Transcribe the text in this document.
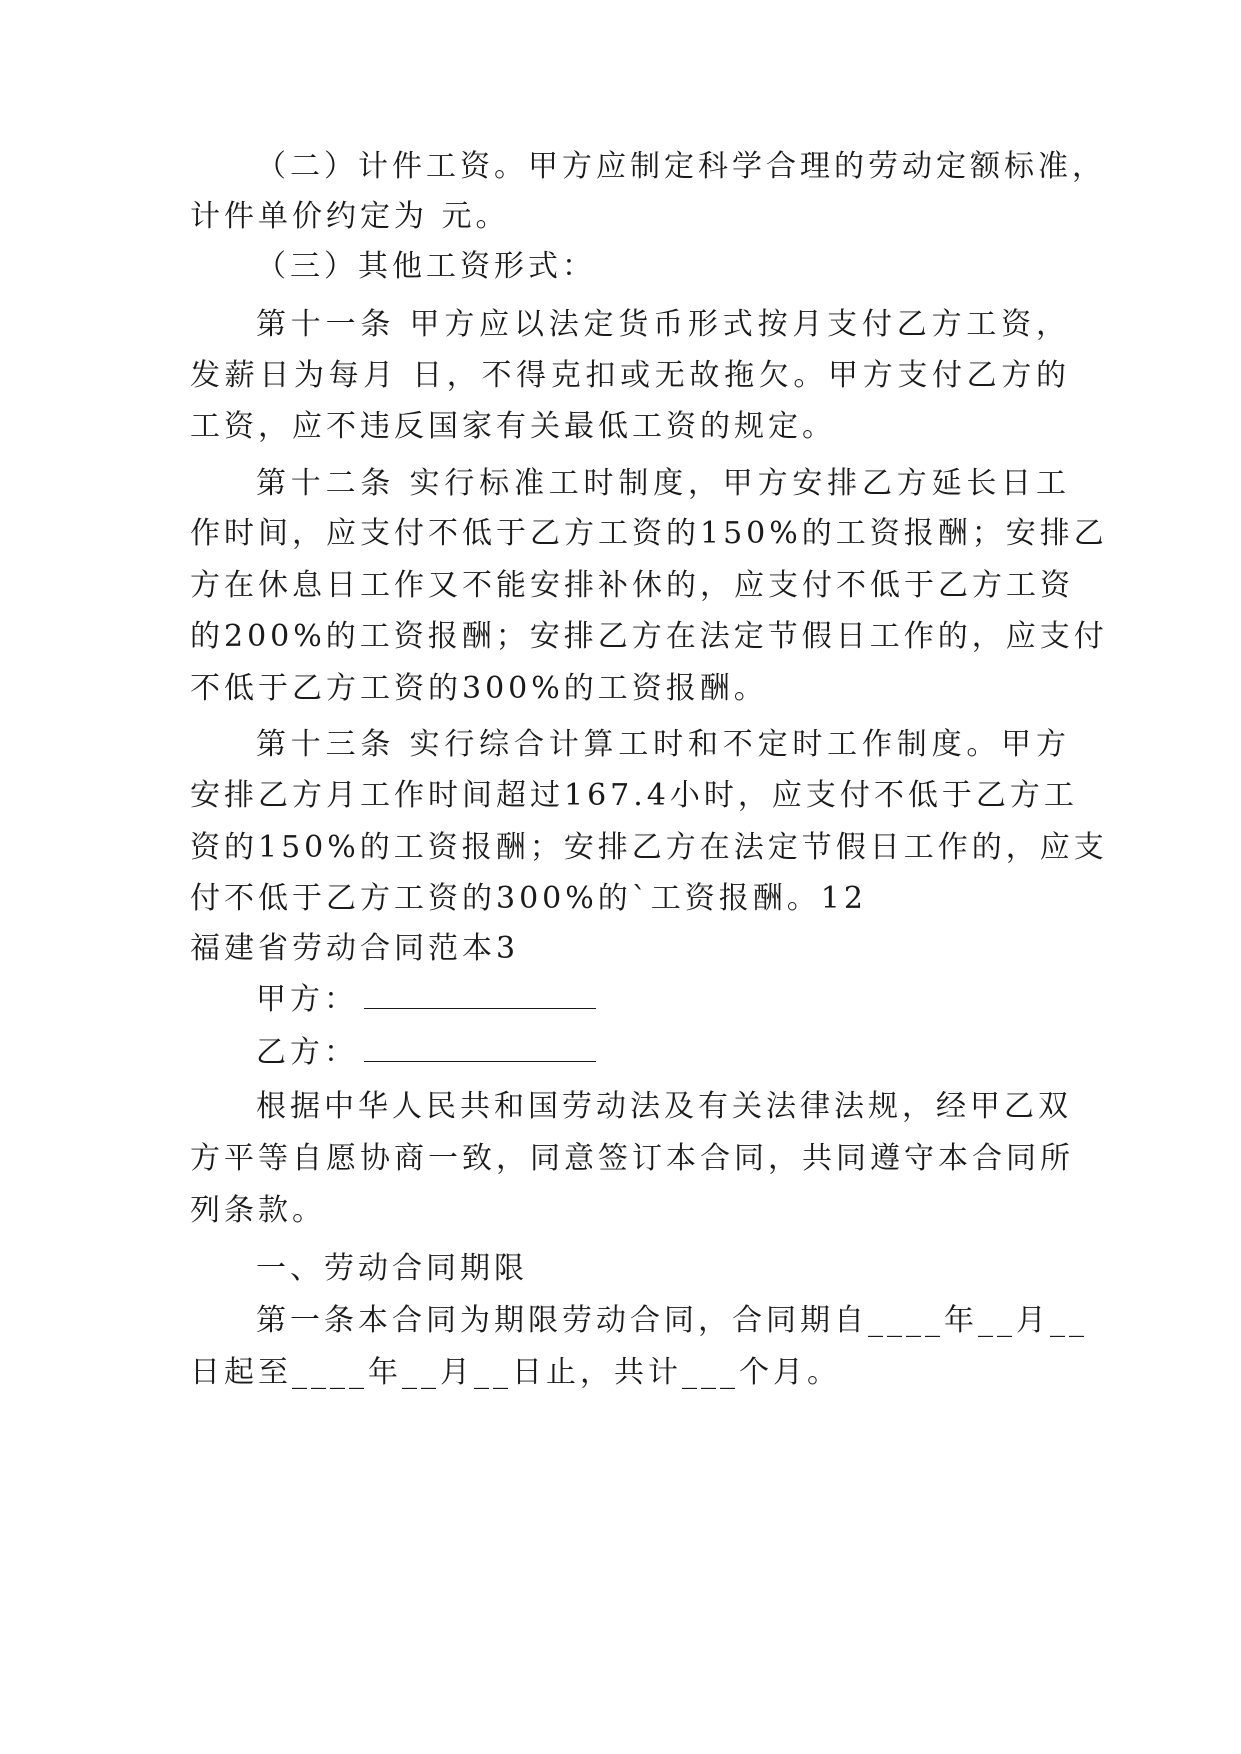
（二）计件工资。甲方应制定科学合理的劳动定额标准，
计件单价约定为 元。
（三）其他工资形式：
第十一条 甲方应以法定货币形式按月支付乙方工资，
发薪日为每月 日，不得克扣或无故拖欠。甲方支付乙方的
工资，应不违反国家有关最低工资的规定。
第十二条 实行标准工时制度，甲方安排乙方延长日工
作时间，应支付不低于乙方工资的150%的工资报酬；安排乙
方在休息日工作又不能安排补休的，应支付不低于乙方工资
的200%的工资报酬；安排乙方在法定节假日工作的，应支付
不低于乙方工资的300%的工资报酬。
第十三条 实行综合计算工时和不定时工作制度。甲方
安排乙方月工作时间超过167.4小时，应支付不低于乙方工
资的150%的工资报酬；安排乙方在法定节假日工作的，应支
付不低于乙方工资的300%的`工资报酬。12
福建省劳动合同范本3
甲方：
乙方：
根据中华人民共和国劳动法及有关法律法规，经甲乙双
方平等自愿协商一致，同意签订本合同，共同遵守本合同所
列条款。
一、劳动合同期限
第一条本合同为期限劳动合同，合同期自____年__月__
日起至____年__月__日止，共计___个月。
